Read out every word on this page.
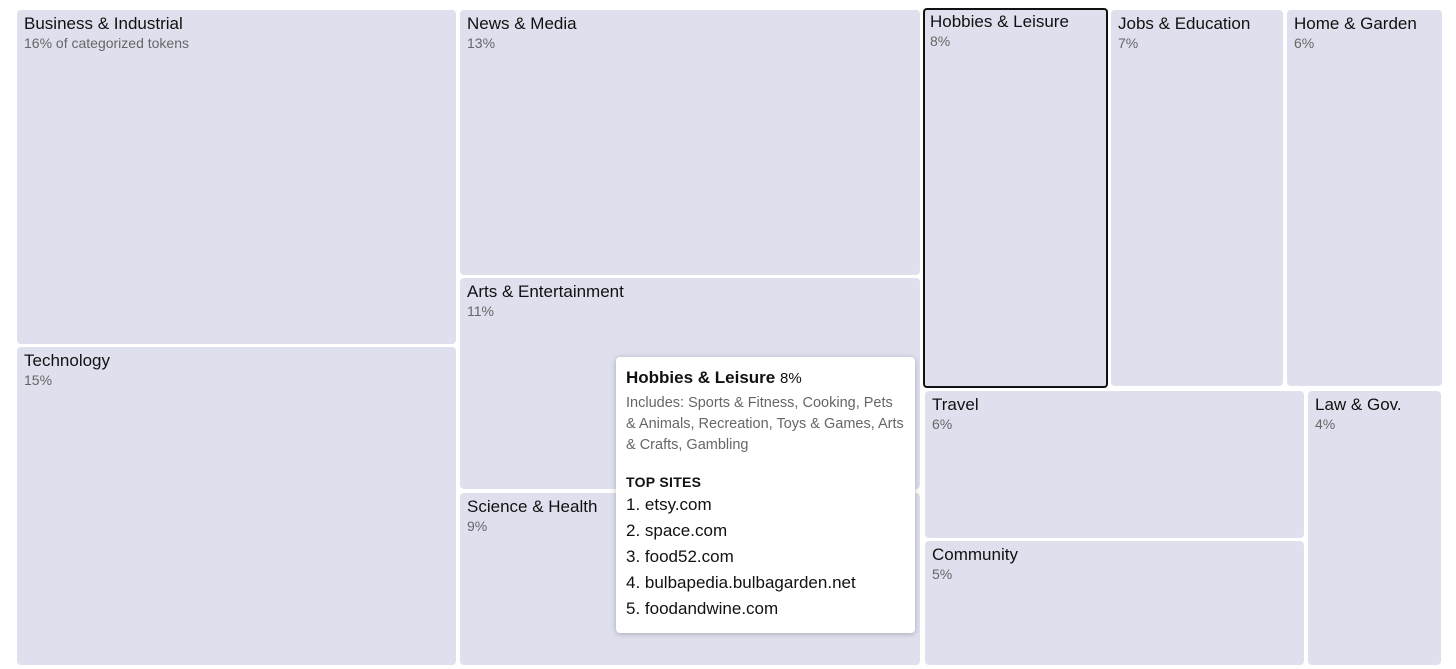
Business & Industrial
16% of categorized tokens
Technology
15%
News & Media
13%
Arts & Entertainment
11%
Science & Health
9%
Hobbies & Leisure
8%
Jobs & Education
7%
Home & Garden
6%
Travel
6%
Community
5%
Law & Gov.
4%
Hobbies & Leisure 8%
Includes: Sports & Fitness, Cooking, Pets & Animals, Recreation, Toys & Games, Arts & Crafts, Gambling
TOP SITES
1. etsy.com
2. space.com
3. food52.com
4. bulbapedia.bulbagarden.net
5. foodandwine.com
